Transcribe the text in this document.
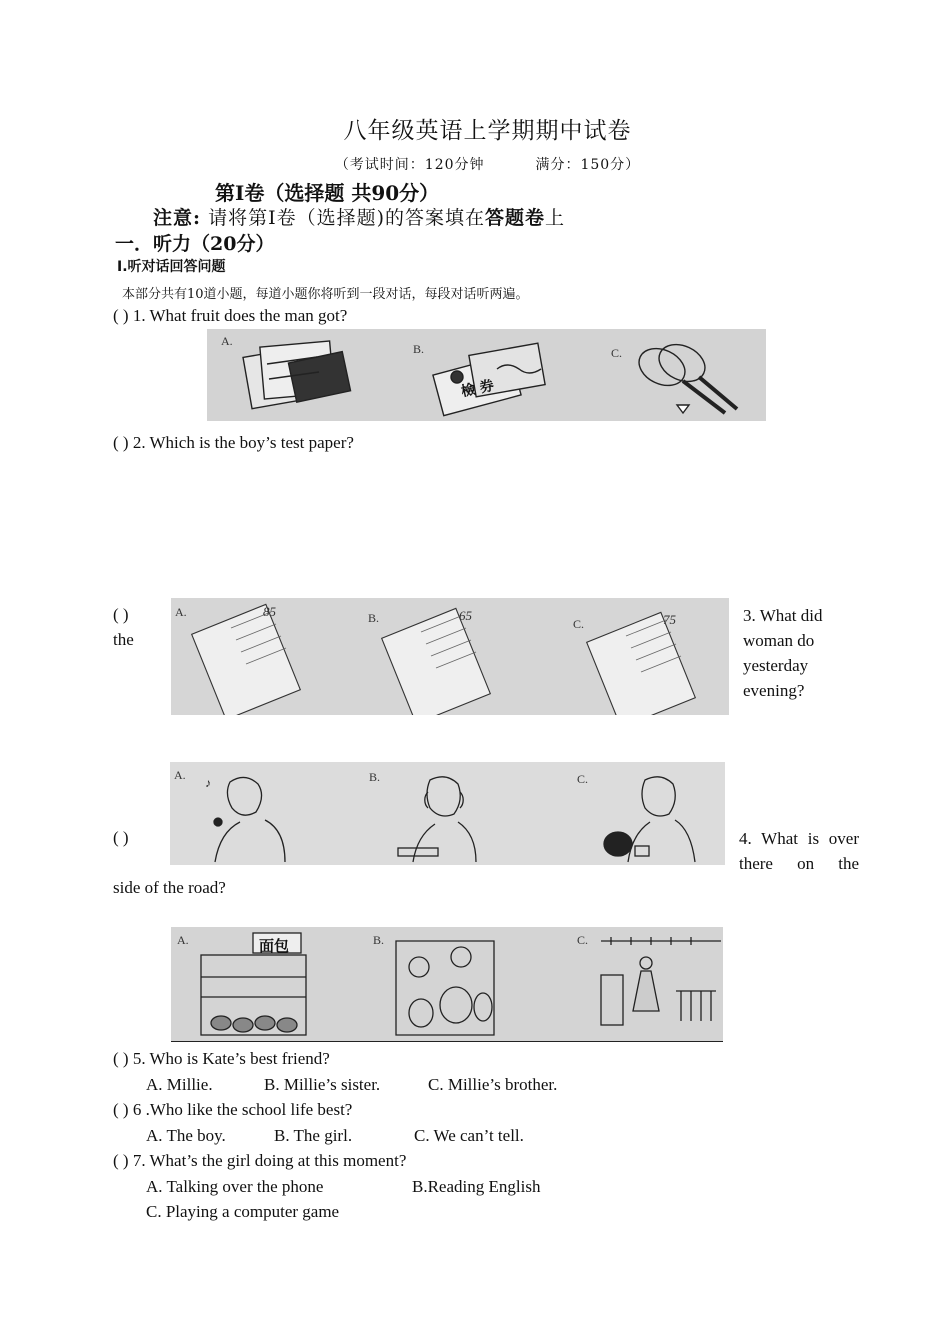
八年级英语上学期期中试卷
（考试时间：120分钟	满分：150分）
第Ⅰ卷（选择题 共90分）
注意: 请将第Ⅰ卷（选择题)的答案填在答题卷上
一．听力（20分）
Ⅰ.听对话回答问题
本部分共有10道小题，每道小题你将听到一段对话，每段对话听两遍。
( ) 1. What fruit does the man got?
A.
B.	C.
( ) 2. Which is the boy’s test paper?
( )
the
A.	B.	C.
85	65	75	3. What did woman do yesterday evening?
A.	B.	C.
♪
( )	4. What is over there on the
side of the road?
A.	B.	C.
面包
( ) 5. Who is Kate’s best friend?
A. Millie.	B. Millie’s sister.	C. Millie’s brother.
( ) 6 .Who like the school life best?
A. The boy.	B. The girl.	C. We can’t tell.
( ) 7. What’s the girl doing at this moment?
A. Talking over the phone	B.Reading English
C. Playing a computer game
檢 券
